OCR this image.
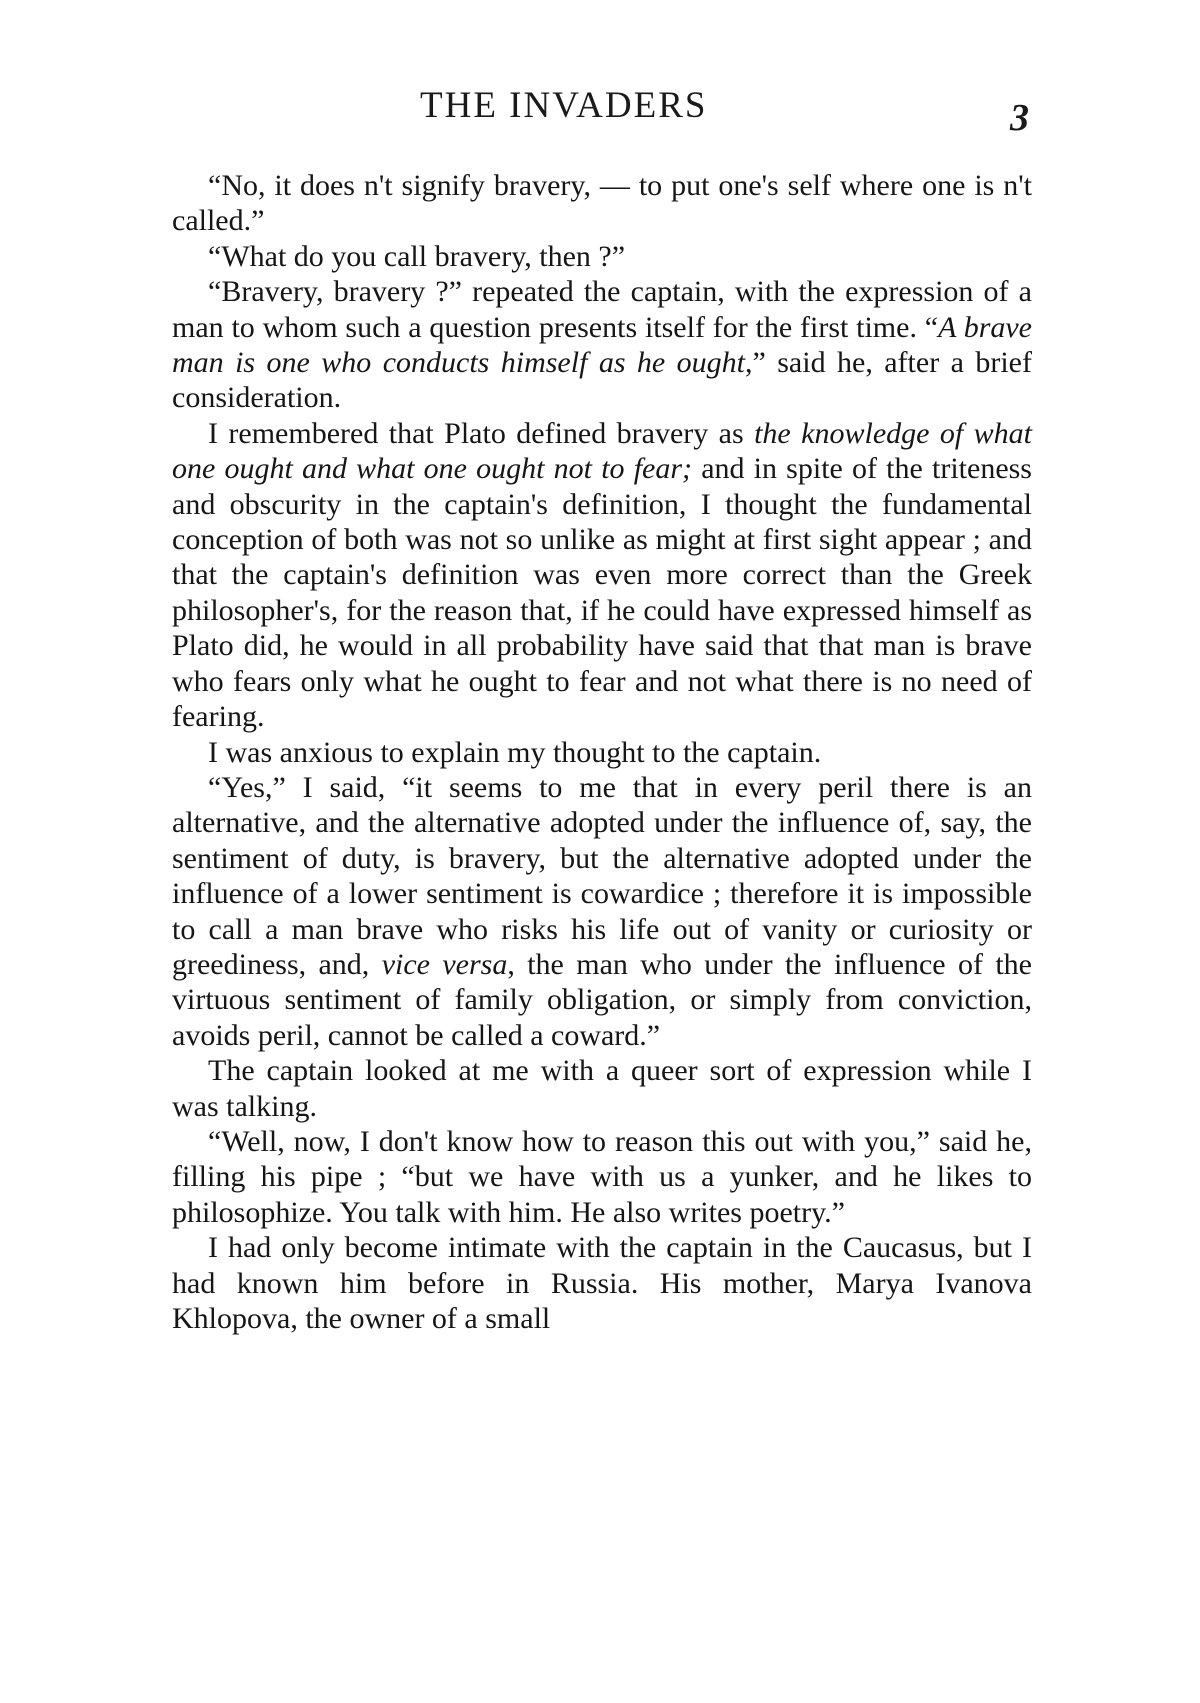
THE INVADERS	3

“No, it does n't signify bravery, — to put one's self where one is n't called.”

“What do you call bravery, then ?”

“Bravery, bravery ?” repeated the captain, with the expression of a man to whom such a question presents itself for the first time. “A brave man is one who conducts himself as he ought,” said he, after a brief consideration.

I remembered that Plato defined bravery as the knowledge of what one ought and what one ought not to fear; and in spite of the triteness and obscurity in the captain's definition, I thought the fundamental conception of both was not so unlike as might at first sight appear ; and that the captain's definition was even more correct than the Greek philosopher's, for the reason that, if he could have expressed himself as Plato did, he would in all probability have said that that man is brave who fears only what he ought to fear and not what there is no need of fearing.

I was anxious to explain my thought to the captain.

“Yes,” I said, “it seems to me that in every peril there is an alternative, and the alternative adopted under the influence of, say, the sentiment of duty, is bravery, but the alternative adopted under the influence of a lower sentiment is cowardice ; therefore it is impossible to call a man brave who risks his life out of vanity or curiosity or greediness, and, vice versa, the man who under the influence of the virtuous sentiment of family obligation, or simply from conviction, avoids peril, cannot be called a coward.”

The captain looked at me with a queer sort of expression while I was talking.

“Well, now, I don't know how to reason this out with you,” said he, filling his pipe ; “but we have with us a yunker, and he likes to philosophize. You talk with him. He also writes poetry.”

I had only become intimate with the captain in the Caucasus, but I had known him before in Russia. His mother, Marya Ivanova Khlopova, the owner of a small
